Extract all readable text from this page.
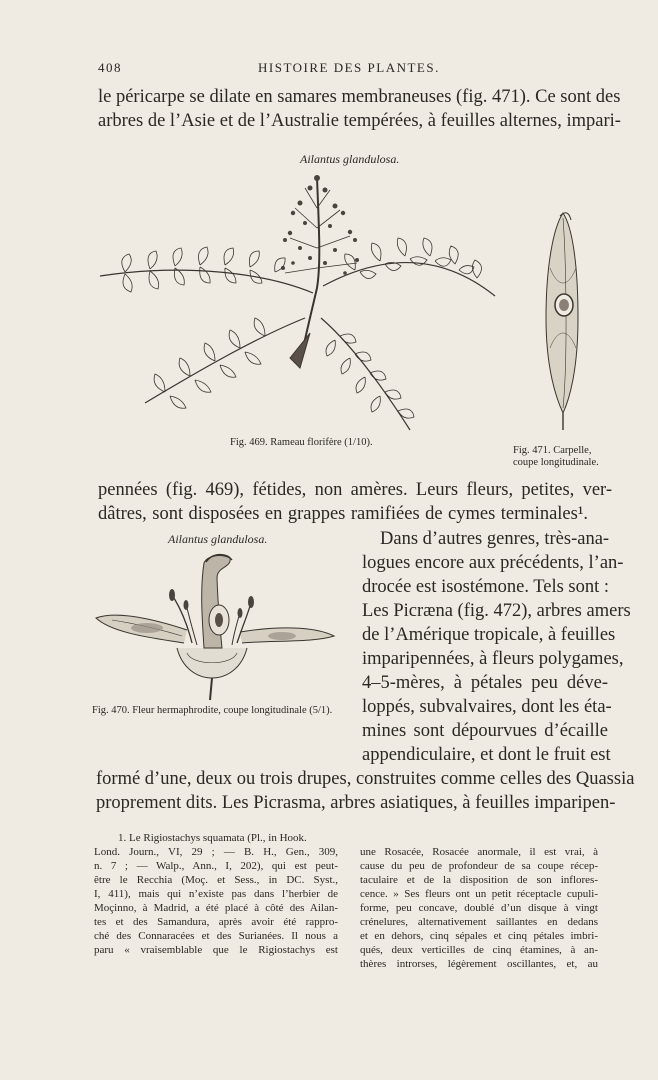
408	HISTOIRE DES PLANTES.
le péricarpe se dilate en samares membraneuses (fig. 471). Ce sont des
arbres de l’Asie et de l’Australie tempérées, à feuilles alternes, impari-
Ailantus glandulosa.
Fig. 469. Rameau florifère (1/10).
Fig. 471. Carpelle,
coupe longitudinale.
pennées (fig. 469), fétides, non amères. Leurs fleurs, petites, ver-
dâtres, sont disposées en grappes ramifiées de cymes terminales¹.
Ailantus glandulosa.
Fig. 470. Fleur hermaphrodite, coupe longitudinale (5/1).
Dans d’autres genres, très-ana-
logues encore aux précédents, l’an-
drocée est isostémone. Tels sont :
Les Picræna (fig. 472), arbres amers
de l’Amérique tropicale, à feuilles
imparipennées, à fleurs polygames,
4–5-mères, à pétales peu déve-
loppés, subvalvaires, dont les éta-
mines sont dépourvues d’écaille
appendiculaire, et dont le fruit est
formé d’une, deux ou trois drupes, construites comme celles des Quassia
proprement dits. Les Picrasma, arbres asiatiques, à feuilles imparipen-
1. Le Rigiostachys squamata (Pl., in Hook.
Lond. Journ., VI, 29 ; — B. H., Gen., 309,
n. 7 ; — Walp., Ann., I, 202), qui est peut-
être le Recchia (Moç. et Sess., in DC. Syst.,
I, 411), mais qui n’existe pas dans l’herbier de
Moçinno, à Madrid, a été placé à côté des Ailan-
tes et des Samandura, après avoir été rappro-
ché des Connaracées et des Surianées. Il nous a
paru « vraisemblable que le Rigiostachys est
une Rosacée, Rosacée anormale, il est vrai, à
cause du peu de profondeur de sa coupe récep-
taculaire et de la disposition de son inflores-
cence. » Ses fleurs ont un petit réceptacle cupuli-
forme, peu concave, doublé d’un disque à vingt
crénelures, alternativement saillantes en dedans
et en dehors, cinq sépales et cinq pétales imbri-
qués, deux verticilles de cinq étamines, à an-
thères introrses, légèrement oscillantes, et, au
